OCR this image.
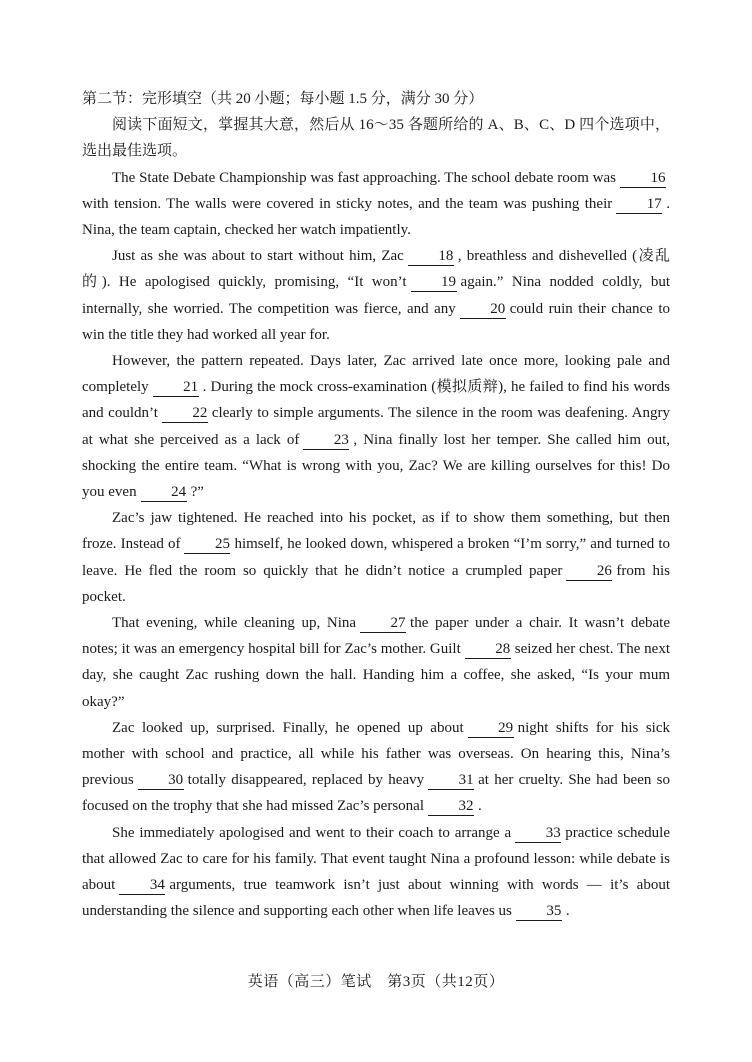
第二节：完形填空（共 20 小题；每小题 1.5 分，满分 30 分）

阅读下面短文，掌握其大意，然后从 16～35 各题所给的 A、B、C、D 四个选项中，选出最佳选项。

The State Debate Championship was fast approaching. The school debate room was 16with tension. The walls were covered in sticky notes, and the team was pushing their 17 . Nina, the team captain, checked her watch impatiently.

Just as she was about to start without him, Zac 18 , breathless and dishevelled (凌乱的). He apologised quickly, promising, “It won’t 19 again.” Nina nodded coldly, but internally, she worried. The competition was fierce, and any 20 could ruin their chance to win the title they had worked all year for.

However, the pattern repeated. Days later, Zac arrived late once more, looking pale and completely 21 . During the mock cross-examination (模拟质辩), he failed to find his words and couldn’t 22 clearly to simple arguments. The silence in the room was deafening. Angry at what she perceived as a lack of 23 , Nina finally lost her temper. She called him out, shocking the entire team. “What is wrong with you, Zac? We are killing ourselves for this! Do you even 24 ?”

Zac’s jaw tightened. He reached into his pocket, as if to show them something, but then froze. Instead of 25 himself, he looked down, whispered a broken “I’m sorry,” and turned to leave. He fled the room so quickly that he didn’t notice a crumpled paper 26 from his pocket.

That evening, while cleaning up, Nina 27 the paper under a chair. It wasn’t debate notes; it was an emergency hospital bill for Zac’s mother. Guilt 28 seized her chest. The next day, she caught Zac rushing down the hall. Handing him a coffee, she asked, “Is your mum okay?”

Zac looked up, surprised. Finally, he opened up about 29 night shifts for his sick mother with school and practice, all while his father was overseas. On hearing this, Nina’s previous 30 totally disappeared, replaced by heavy 31 at her cruelty. She had been so focused on the trophy that she had missed Zac’s personal 32 .

She immediately apologised and went to their coach to arrange a 33 practice schedule that allowed Zac to care for his family. That event taught Nina a profound lesson: while debate is about 34 arguments, true teamwork isn’t just about winning with words — it’s about understanding the silence and supporting each other when life leaves us 35 .

英语（高三）笔试　第3页（共12页）
